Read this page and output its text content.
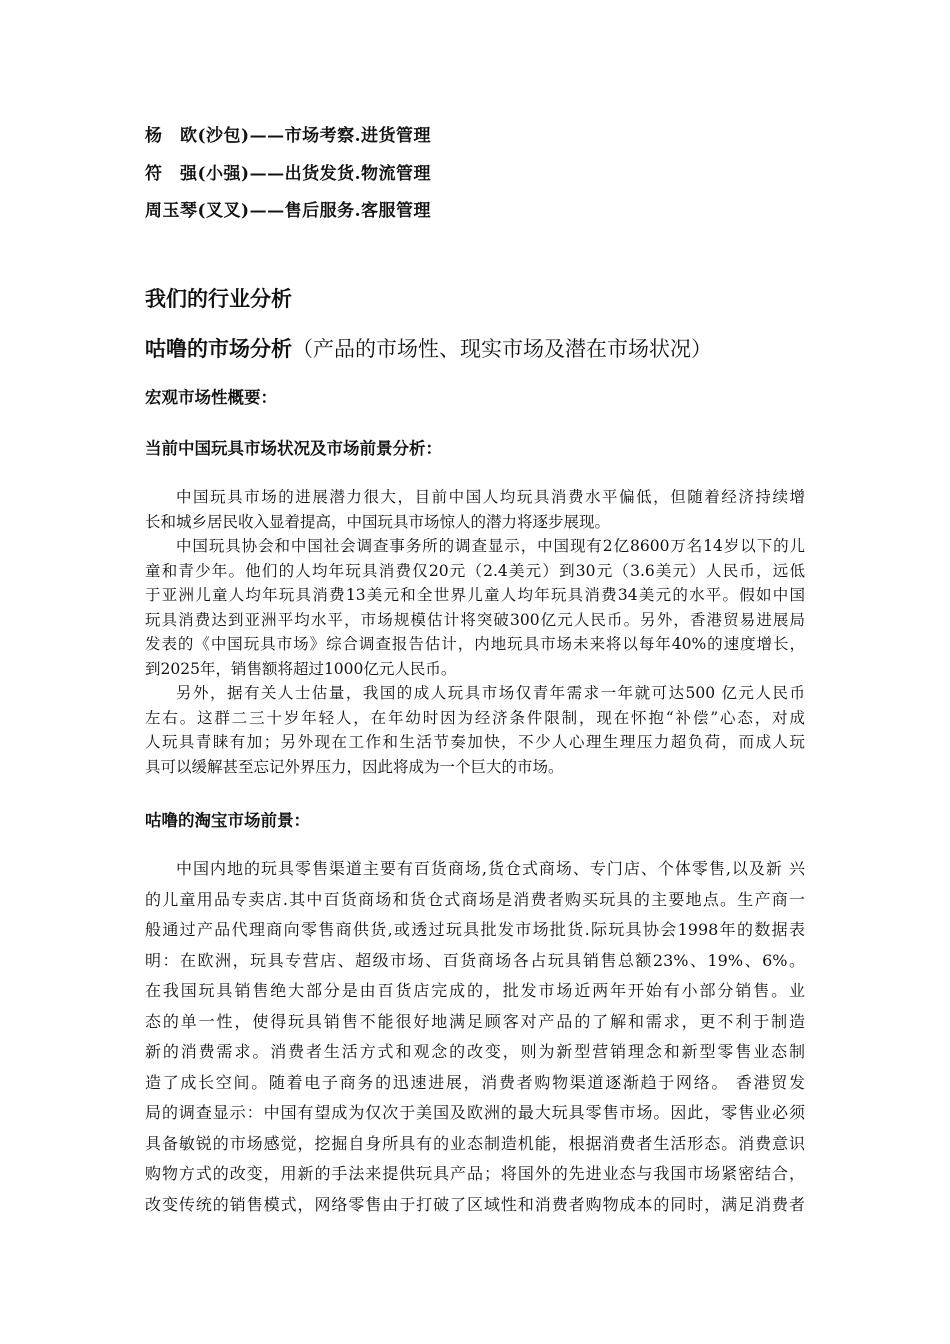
杨　欧(沙包)——市场考察.进货管理
符　强(小强)——出货发货.物流管理
周玉琴(叉叉)——售后服务.客服管理
我们的行业分析
咕噜的市场分析（产品的市场性、现实市场及潜在市场状况）
宏观市场性概要：
当前中国玩具市场状况及市场前景分析：
中国玩具市场的进展潜力很大，目前中国人均玩具消费水平偏低，但随着经济持续增
长和城乡居民收入显着提高，中国玩具市场惊人的潜力将逐步展现。
中国玩具协会和中国社会调查事务所的调查显示，中国现有2亿8600万名14岁以下的儿
童和青少年。他们的人均年玩具消费仅20元（2.4美元）到30元（3.6美元）人民币，远低
于亚洲儿童人均年玩具消费13美元和全世界儿童人均年玩具消费34美元的水平。假如中国
玩具消费达到亚洲平均水平，市场规模估计将突破300亿元人民币。另外，香港贸易进展局
发表的《中国玩具市场》综合调查报告估计，内地玩具市场未来将以每年40%的速度增长，
到2025年，销售额将超过1000亿元人民币。
另外，据有关人士估量，我国的成人玩具市场仅青年需求一年就可达500 亿元人民币
左右。这群二三十岁年轻人，在年幼时因为经济条件限制，现在怀抱“补偿”心态，对成
人玩具青睐有加；另外现在工作和生活节奏加快，不少人心理生理压力超负荷，而成人玩
具可以缓解甚至忘记外界压力，因此将成为一个巨大的市场。
咕噜的淘宝市场前景：
中国内地的玩具零售渠道主要有百货商场,货仓式商场、专门店、个体零售,以及新 兴
的儿童用品专卖店.其中百货商场和货仓式商场是消费者购买玩具的主要地点。生产商一
般通过产品代理商向零售商供货,或透过玩具批发市场批货.际玩具协会1998年的数据表
明：在欧洲，玩具专营店、超级市场、百货商场各占玩具销售总额23%、19%、6%。
在我国玩具销售绝大部分是由百货店完成的，批发市场近两年开始有小部分销售。业
态的单一性，使得玩具销售不能很好地满足顾客对产品的了解和需求，更不利于制造
新的消费需求。消费者生活方式和观念的改变，则为新型营销理念和新型零售业态制
造了成长空间。随着电子商务的迅速进展，消费者购物渠道逐渐趋于网络。 香港贸发
局的调查显示：中国有望成为仅次于美国及欧洲的最大玩具零售市场。因此，零售业必须
具备敏锐的市场感觉，挖掘自身所具有的业态制造机能，根据消费者生活形态。消费意识
购物方式的改变，用新的手法来提供玩具产品；将国外的先进业态与我国市场紧密结合，
改变传统的销售模式，网络零售由于打破了区域性和消费者购物成本的同时，满足消费者
